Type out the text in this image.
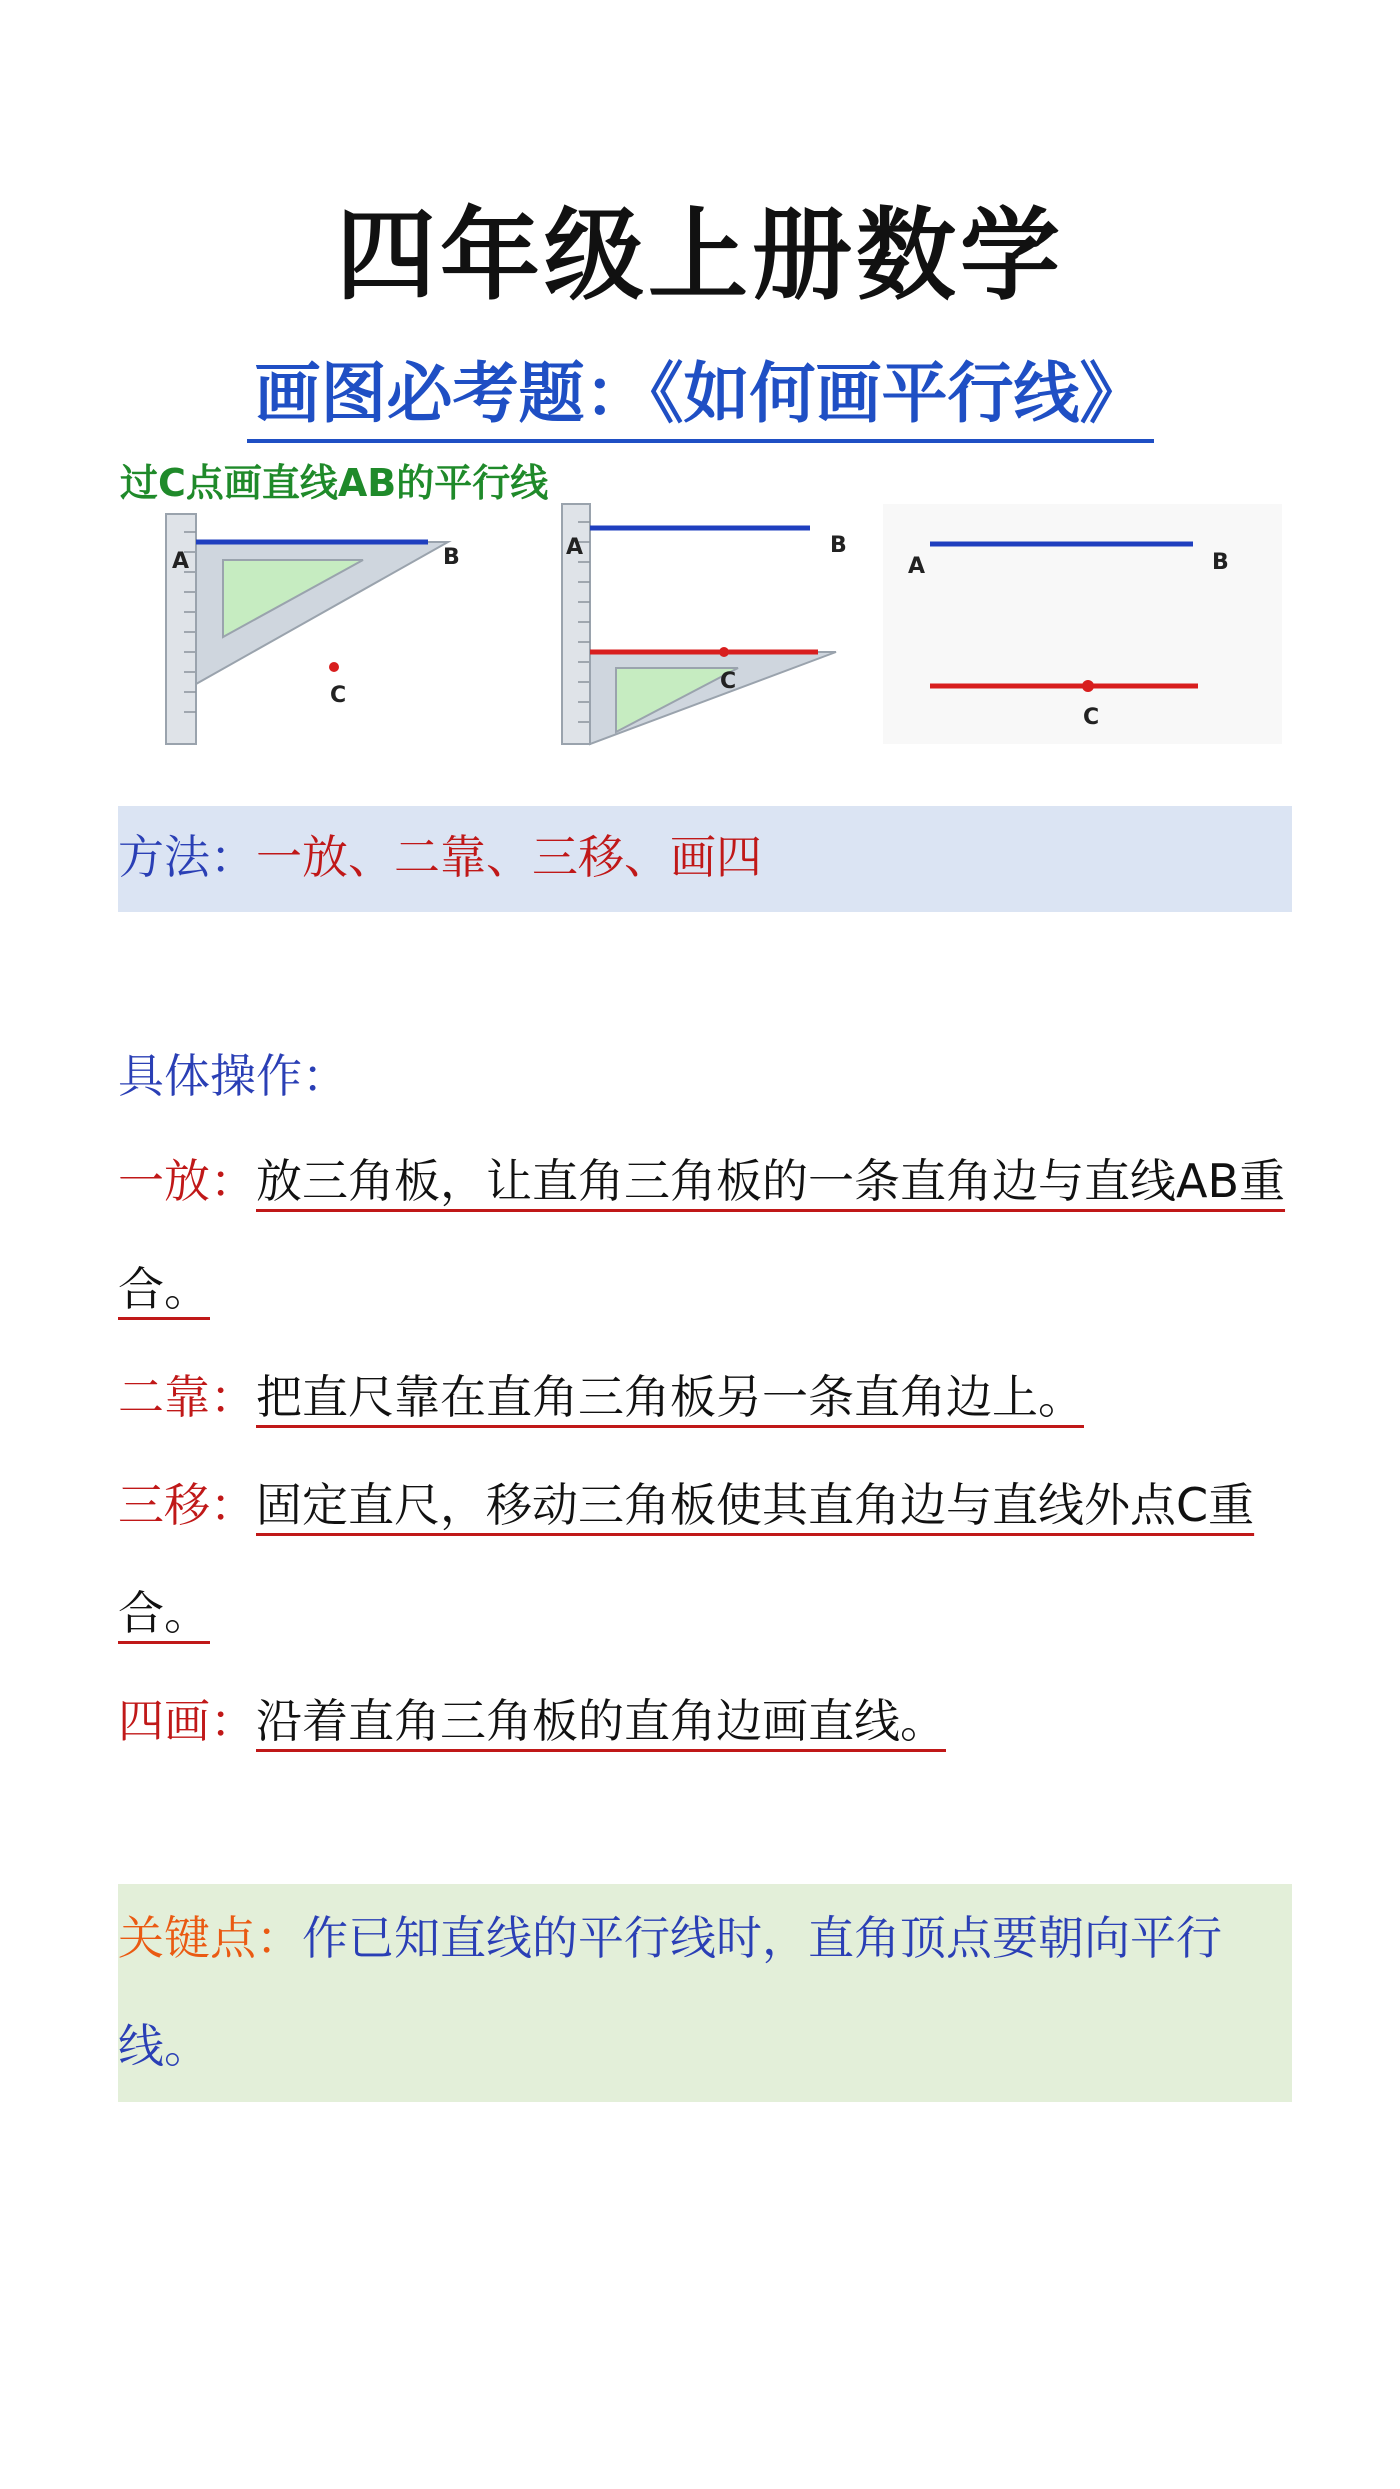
四年级上册数学
画图必考题：《如何画平行线》
过C点画直线AB的平行线
A	B
C
A	B
C
A	B
C
方法：一放、二靠、三移、画四
具体操作：
一放：放三角板，让直角三角板的一条直角边与直线AB重合。
二靠：把直尺靠在直角三角板另一条直角边上。
三移：固定直尺，移动三角板使其直角边与直线外点C重合。
四画：沿着直角三角板的直角边画直线。
关键点：作已知直线的平行线时，直角顶点要朝向平行线。
